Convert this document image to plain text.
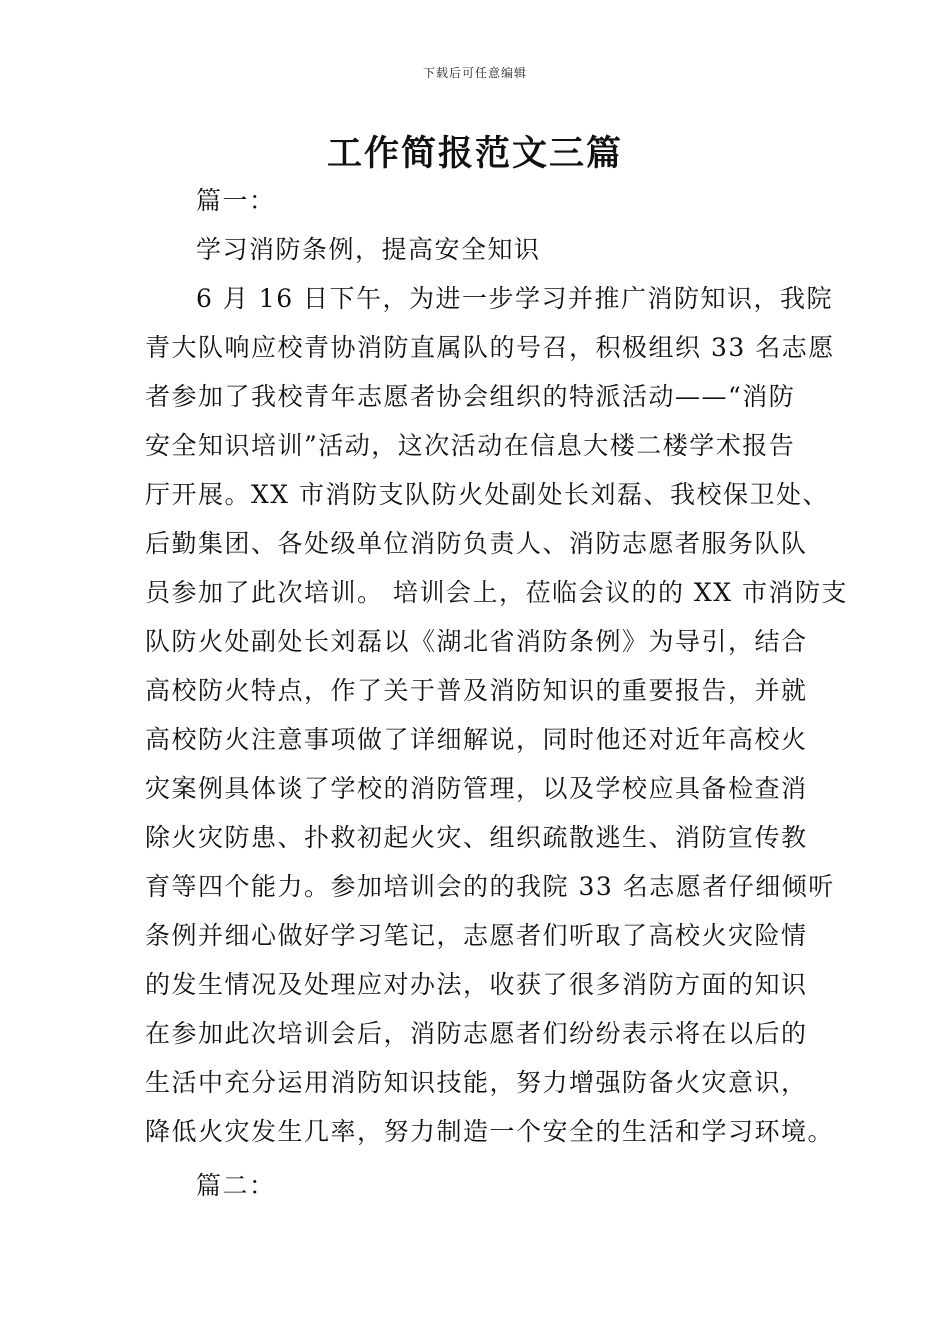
下载后可任意编辑
工作简报范文三篇
篇一：
学习消防条例，提高安全知识
6 月 16 日下午，为进一步学习并推广消防知识，我院
青大队响应校青协消防直属队的号召，积极组织 33 名志愿
者参加了我校青年志愿者协会组织的特派活动——“消防
安全知识培训”活动，这次活动在信息大楼二楼学术报告
厅开展。XX 市消防支队防火处副处长刘磊、我校保卫处、
后勤集团、各处级单位消防负责人、消防志愿者服务队队
员参加了此次培训。 培训会上，莅临会议的的 XX 市消防支
队防火处副处长刘磊以《湖北省消防条例》为导引，结合
高校防火特点，作了关于普及消防知识的重要报告，并就
高校防火注意事项做了详细解说，同时他还对近年高校火
灾案例具体谈了学校的消防管理，以及学校应具备检查消
除火灾防患、扑救初起火灾、组织疏散逃生、消防宣传教
育等四个能力。参加培训会的的我院 33 名志愿者仔细倾听
条例并细心做好学习笔记，志愿者们听取了高校火灾险情
的发生情况及处理应对办法，收获了很多消防方面的知识
在参加此次培训会后，消防志愿者们纷纷表示将在以后的
生活中充分运用消防知识技能，努力增强防备火灾意识，
降低火灾发生几率，努力制造一个安全的生活和学习环境。
篇二：
